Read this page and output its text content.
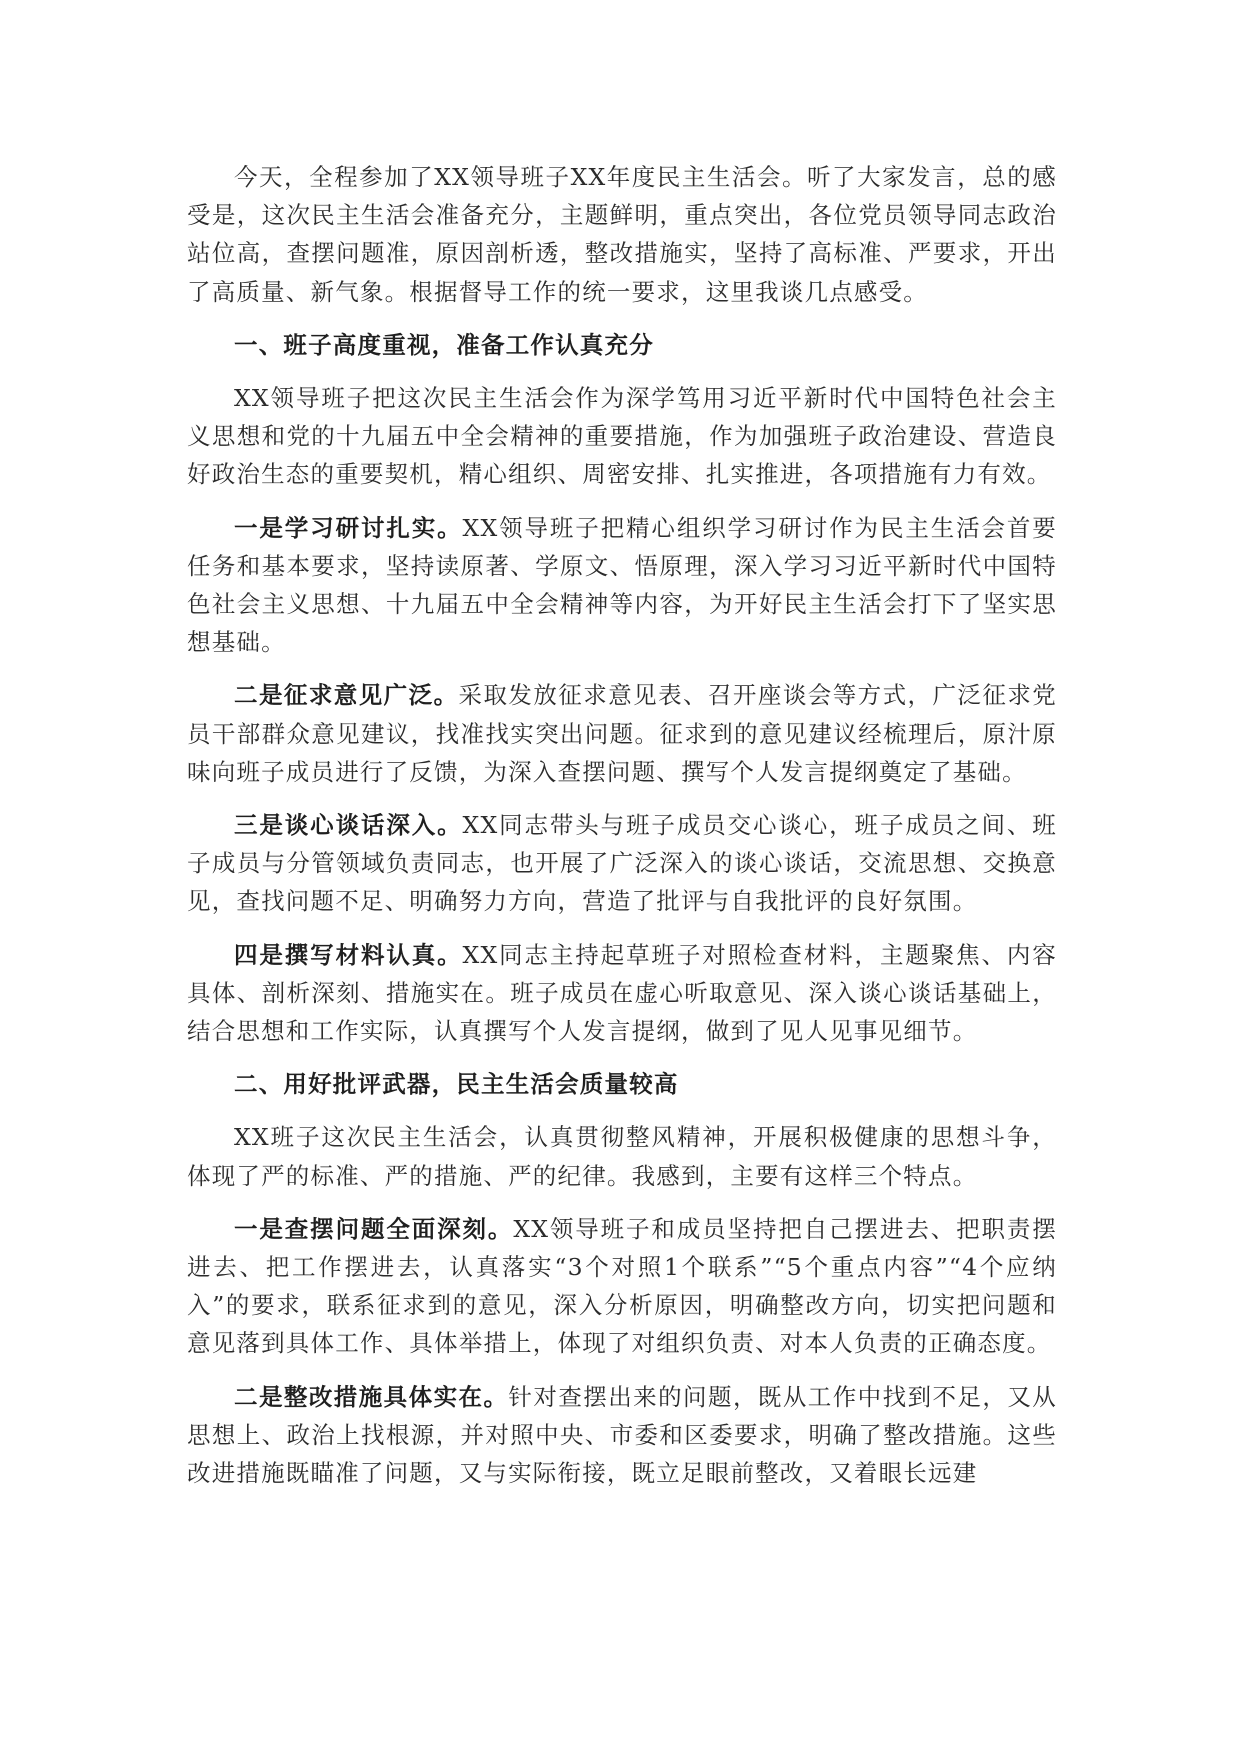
今天，全程参加了XX领导班子XX年度民主生活会。听了大家发言，总的感受是，这次民主生活会准备充分，主题鲜明，重点突出，各位党员领导同志政治站位高，查摆问题准，原因剖析透，整改措施实，坚持了高标准、严要求，开出了高质量、新气象。根据督导工作的统一要求，这里我谈几点感受。

一、班子高度重视，准备工作认真充分

XX领导班子把这次民主生活会作为深学笃用习近平新时代中国特色社会主义思想和党的十九届五中全会精神的重要措施，作为加强班子政治建设、营造良好政治生态的重要契机，精心组织、周密安排、扎实推进，各项措施有力有效。

一是学习研讨扎实。XX领导班子把精心组织学习研讨作为民主生活会首要任务和基本要求，坚持读原著、学原文、悟原理，深入学习习近平新时代中国特色社会主义思想、十九届五中全会精神等内容，为开好民主生活会打下了坚实思想基础。

二是征求意见广泛。采取发放征求意见表、召开座谈会等方式，广泛征求党员干部群众意见建议，找准找实突出问题。征求到的意见建议经梳理后，原汁原味向班子成员进行了反馈，为深入查摆问题、撰写个人发言提纲奠定了基础。

三是谈心谈话深入。XX同志带头与班子成员交心谈心，班子成员之间、班子成员与分管领域负责同志，也开展了广泛深入的谈心谈话，交流思想、交换意见，查找问题不足、明确努力方向，营造了批评与自我批评的良好氛围。

四是撰写材料认真。XX同志主持起草班子对照检查材料，主题聚焦、内容具体、剖析深刻、措施实在。班子成员在虚心听取意见、深入谈心谈话基础上，结合思想和工作实际，认真撰写个人发言提纲，做到了见人见事见细节。

二、用好批评武器，民主生活会质量较高

XX班子这次民主生活会，认真贯彻整风精神，开展积极健康的思想斗争，体现了严的标准、严的措施、严的纪律。我感到，主要有这样三个特点。

一是查摆问题全面深刻。XX领导班子和成员坚持把自己摆进去、把职责摆进去、把工作摆进去，认真落实“3个对照1个联系”“5个重点内容”“4个应纳入”的要求，联系征求到的意见，深入分析原因，明确整改方向，切实把问题和意见落到具体工作、具体举措上，体现了对组织负责、对本人负责的正确态度。

二是整改措施具体实在。针对查摆出来的问题，既从工作中找到不足，又从思想上、政治上找根源，并对照中央、市委和区委要求，明确了整改措施。这些改进措施既瞄准了问题，又与实际衔接，既立足眼前整改，又着眼长远建
